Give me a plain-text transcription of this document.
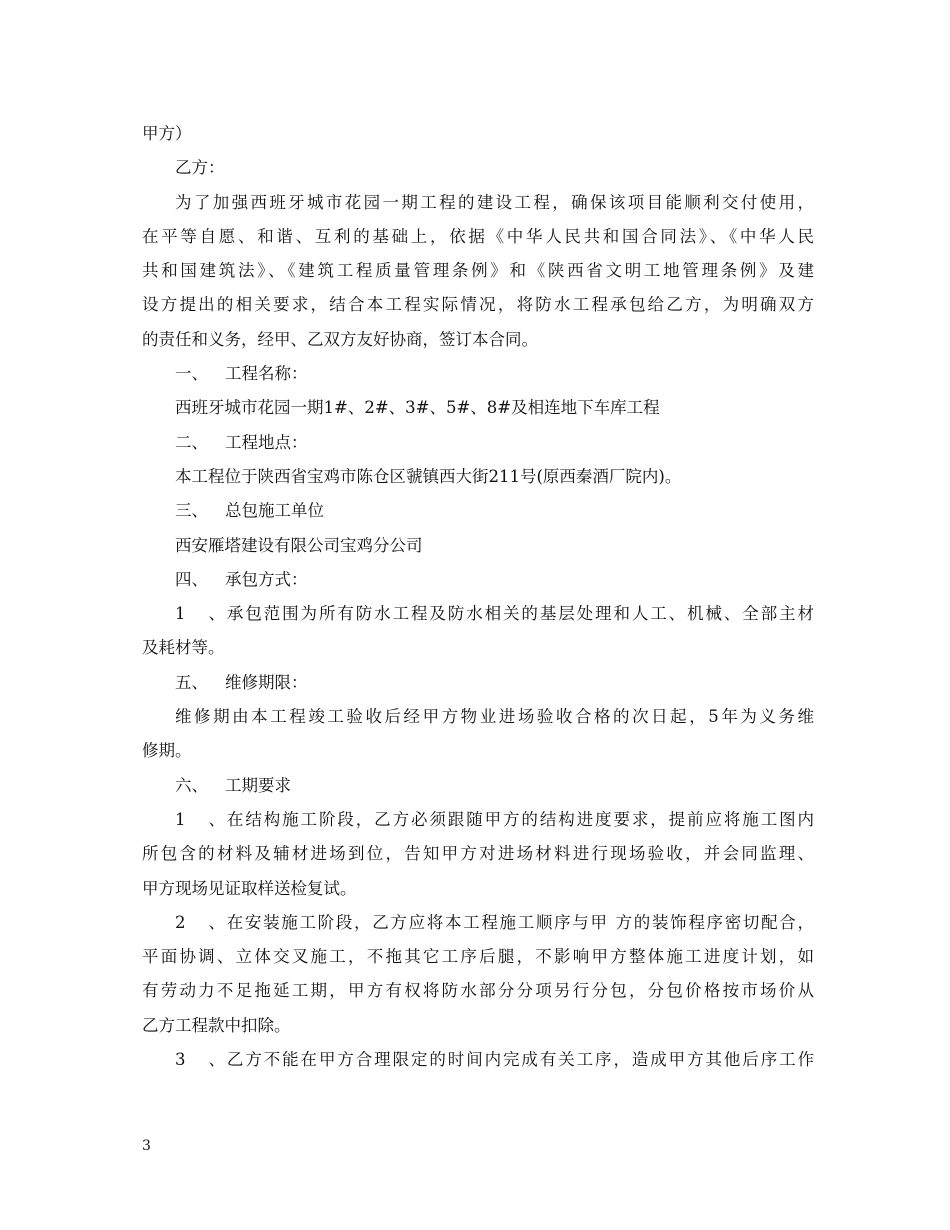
甲方）
乙方：
为了加强西班牙城市花园一期工程的建设工程，确保该项目能顺利交付使用，
在平等自愿、和谐、互利的基础上，依据《中华人民共和国合同法》、《中华人民
共和国建筑法》、《建筑工程质量管理条例》和《陕西省文明工地管理条例》及建
设方提出的相关要求，结合本工程实际情况，将防水工程承包给乙方，为明确双方
的责任和义务，经甲、乙双方友好协商，签订本合同。
一、 工程名称：
西班牙城市花园一期1#、2#、3#、5#、8#及相连地下车库工程
二、 工程地点：
本工程位于陕西省宝鸡市陈仓区虢镇西大街211号(原西秦酒厂院内)。
三、 总包施工单位
西安雁塔建设有限公司宝鸡分公司
四、 承包方式：
1、承包范围为所有防水工程及防水相关的基层处理和人工、机械、全部主材
及耗材等。
五、 维修期限：
维修期由本工程竣工验收后经甲方物业进场验收合格的次日起，5年为义务维
修期。
六、 工期要求
1、在结构施工阶段，乙方必须跟随甲方的结构进度要求，提前应将施工图内
所包含的材料及辅材进场到位，告知甲方对进场材料进行现场验收，并会同监理、
甲方现场见证取样送检复试。
2、在安装施工阶段，乙方应将本工程施工顺序与甲 方的装饰程序密切配合，
平面协调、立体交叉施工，不拖其它工序后腿，不影响甲方整体施工进度计划，如
有劳动力不足拖延工期，甲方有权将防水部分分项另行分包，分包价格按市场价从
乙方工程款中扣除。
3、乙方不能在甲方合理限定的时间内完成有关工序，造成甲方其他后序工作
3
